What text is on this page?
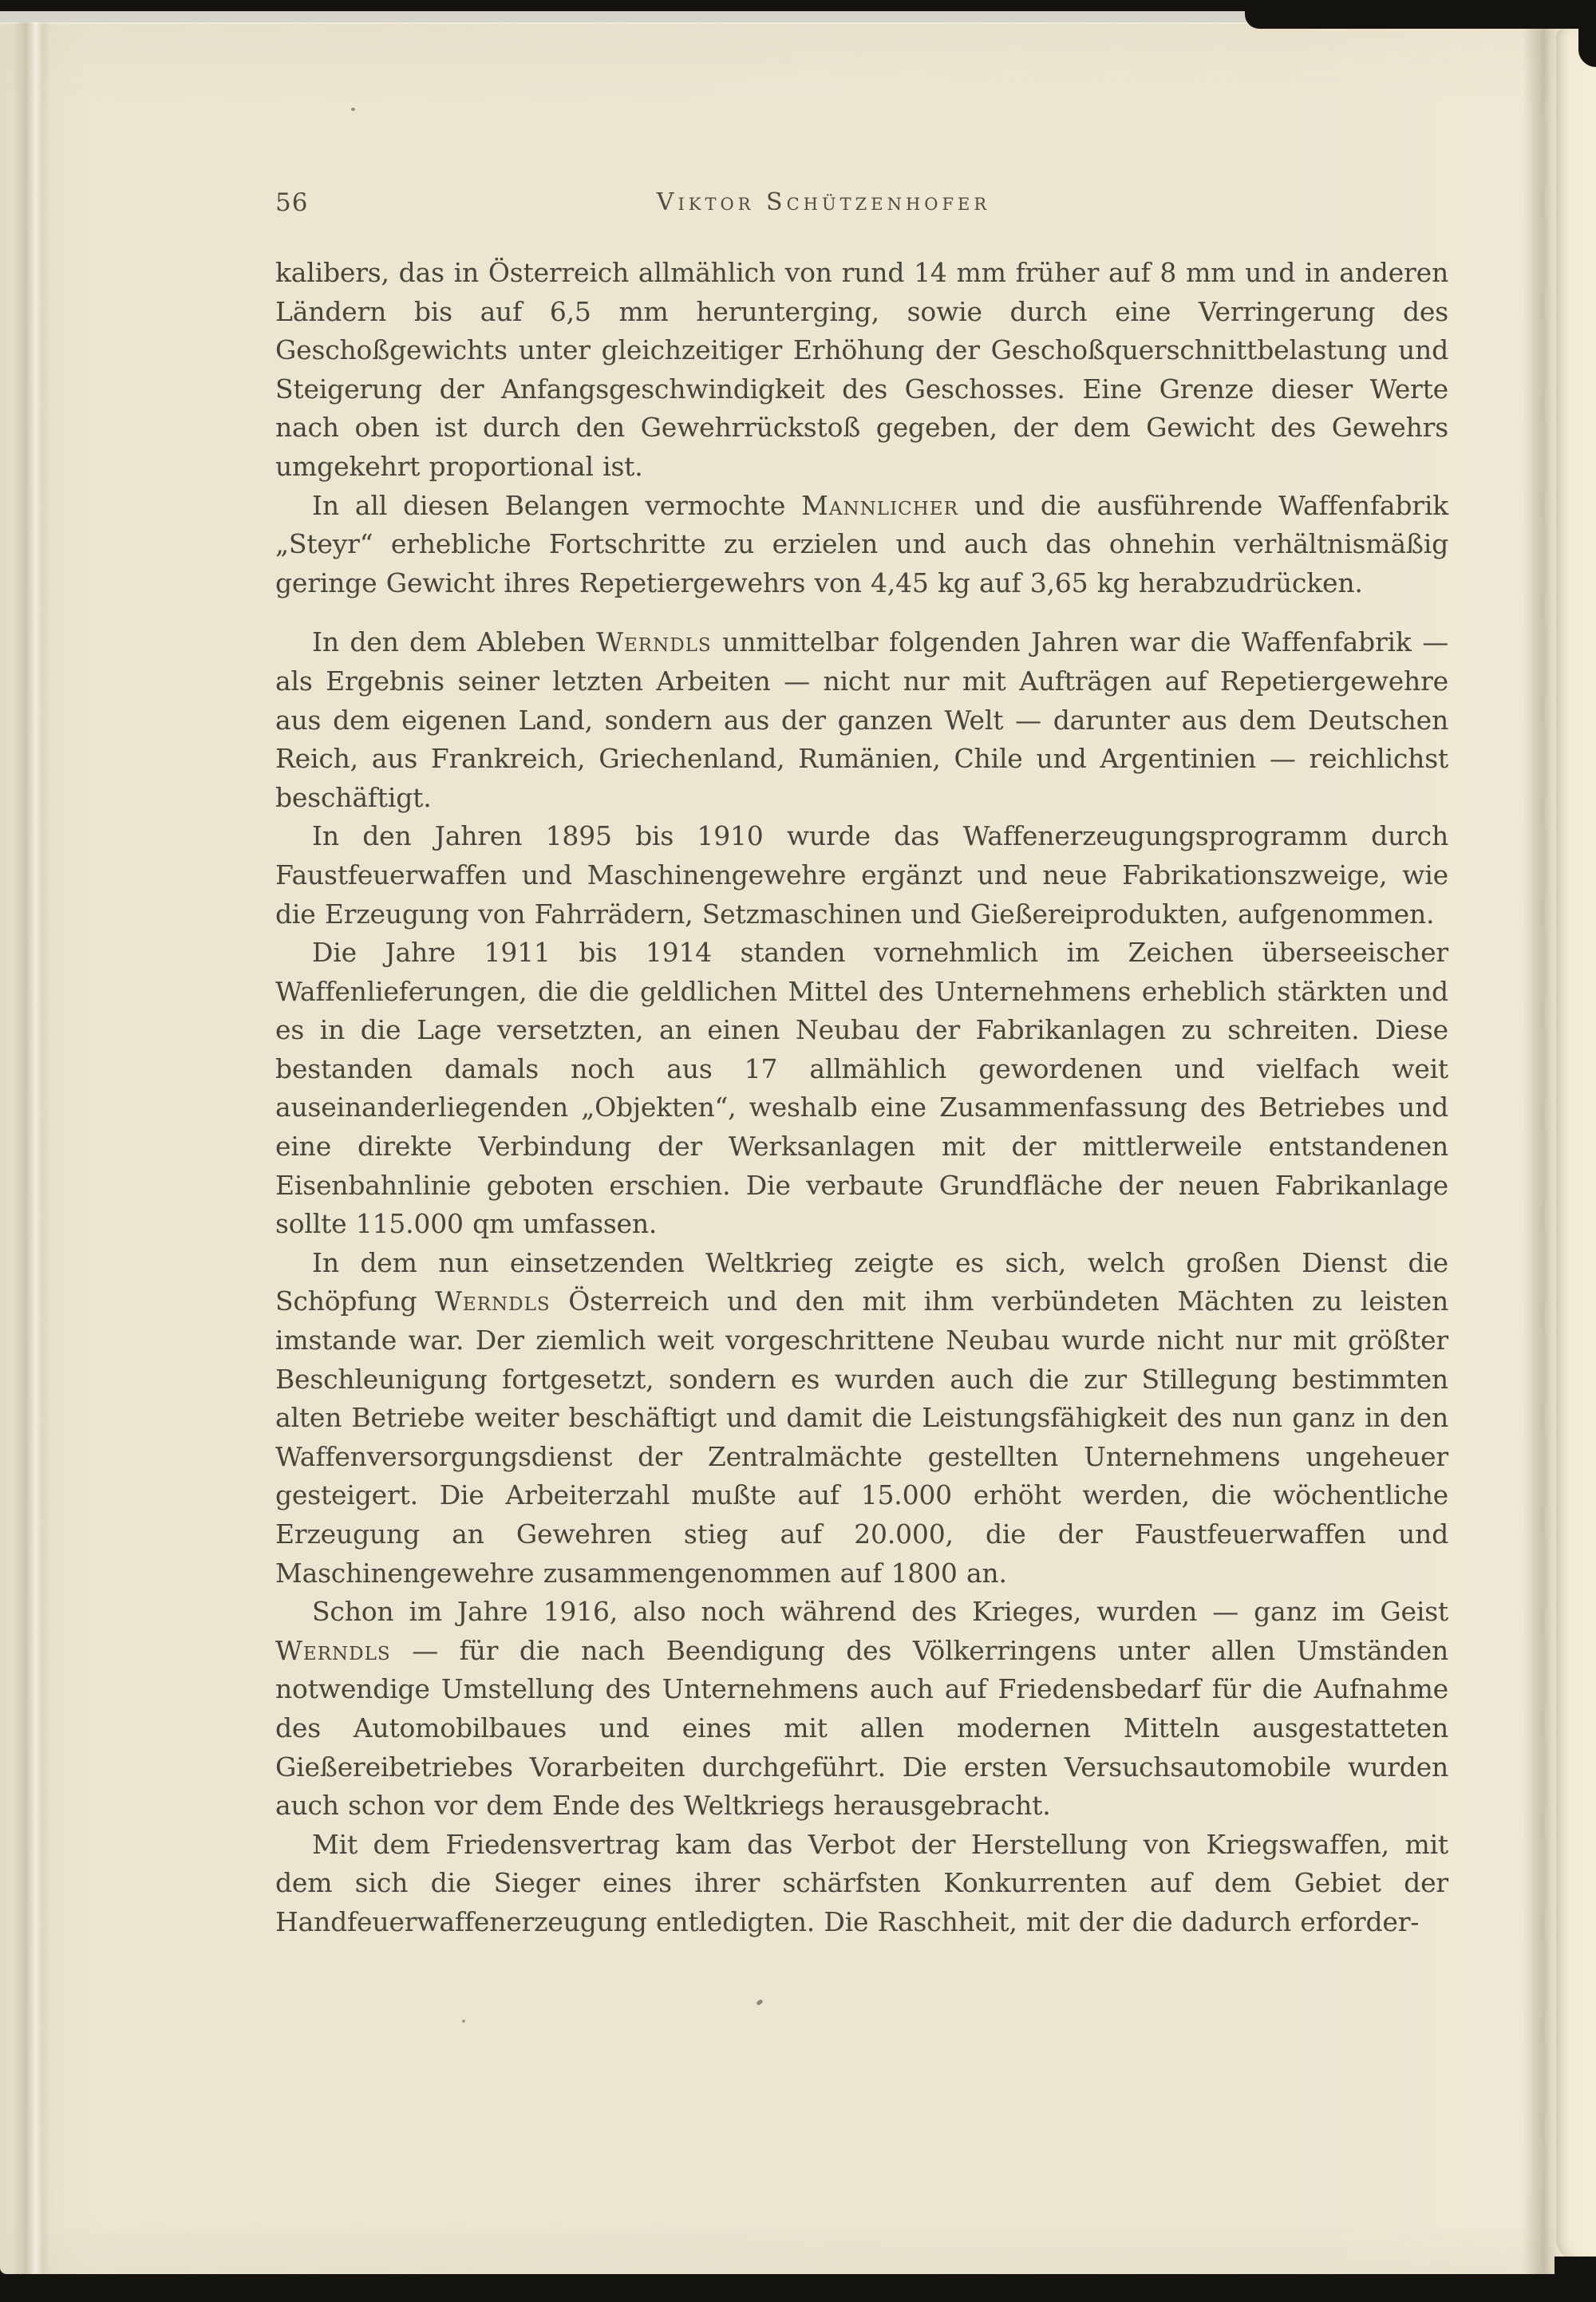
56	Viktor Schützenhofer

kalibers, das in Österreich allmählich von rund 14 mm früher auf 8 mm und in anderen Ländern bis auf 6,5 mm herunterging, sowie durch eine Verringerung des Geschoßgewichts unter gleichzeitiger Erhöhung der Geschoßquerschnittbelastung und Steigerung der Anfangsgeschwindigkeit des Geschosses. Eine Grenze dieser Werte nach oben ist durch den Gewehrrückstoß gegeben, der dem Gewicht des Gewehrs umgekehrt proportional ist.

In all diesen Belangen vermochte Mannlicher und die ausführende Waffenfabrik „Steyr“ erhebliche Fortschritte zu erzielen und auch das ohnehin verhältnismäßig geringe Gewicht ihres Repetiergewehrs von 4,45 kg auf 3,65 kg herabzudrücken.

In den dem Ableben Werndls unmittelbar folgenden Jahren war die Waffenfabrik — als Ergebnis seiner letzten Arbeiten — nicht nur mit Aufträgen auf Repetiergewehre aus dem eigenen Land, sondern aus der ganzen Welt — darunter aus dem Deutschen Reich, aus Frankreich, Griechenland, Rumänien, Chile und Argentinien — reichlichst beschäftigt.

In den Jahren 1895 bis 1910 wurde das Waffenerzeugungsprogramm durch Faustfeuerwaffen und Maschinengewehre ergänzt und neue Fabrikationszweige, wie die Erzeugung von Fahrrädern, Setzmaschinen und Gießereiprodukten, aufgenommen.

Die Jahre 1911 bis 1914 standen vornehmlich im Zeichen überseeischer Waffenlieferungen, die die geldlichen Mittel des Unternehmens erheblich stärkten und es in die Lage versetzten, an einen Neubau der Fabrikanlagen zu schreiten. Diese bestanden damals noch aus 17 allmählich gewordenen und vielfach weit auseinanderliegenden „Objekten“, weshalb eine Zusammenfassung des Betriebes und eine direkte Verbindung der Werksanlagen mit der mittlerweile entstandenen Eisenbahnlinie geboten erschien. Die verbaute Grundfläche der neuen Fabrikanlage sollte 115.000 qm umfassen.

In dem nun einsetzenden Weltkrieg zeigte es sich, welch großen Dienst die Schöpfung Werndls Österreich und den mit ihm verbündeten Mächten zu leisten imstande war. Der ziemlich weit vorgeschrittene Neubau wurde nicht nur mit größter Beschleunigung fortgesetzt, sondern es wurden auch die zur Stillegung bestimmten alten Betriebe weiter beschäftigt und damit die Leistungsfähigkeit des nun ganz in den Waffenversorgungsdienst der Zentralmächte gestellten Unternehmens ungeheuer gesteigert. Die Arbeiterzahl mußte auf 15.000 erhöht werden, die wöchentliche Erzeugung an Gewehren stieg auf 20.000, die der Faustfeuerwaffen und Maschinengewehre zusammengenommen auf 1800 an.

Schon im Jahre 1916, also noch während des Krieges, wurden — ganz im Geist Werndls — für die nach Beendigung des Völkerringens unter allen Umständen notwendige Umstellung des Unternehmens auch auf Friedensbedarf für die Aufnahme des Automobilbaues und eines mit allen modernen Mitteln ausgestatteten Gießereibetriebes Vorarbeiten durchgeführt. Die ersten Versuchsautomobile wurden auch schon vor dem Ende des Weltkriegs herausgebracht.

Mit dem Friedensvertrag kam das Verbot der Herstellung von Kriegswaffen, mit dem sich die Sieger eines ihrer schärfsten Konkurrenten auf dem Gebiet der Handfeuerwaffenerzeugung entledigten. Die Raschheit, mit der die dadurch erforder-
